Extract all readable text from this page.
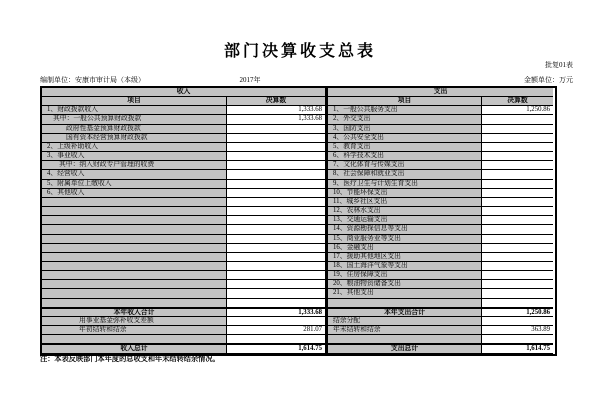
部门决算收支总表
批复01表
编制单位：安康市审计局（本级）	2017年	金额单位：万元
收入	支出
项目	决算数	项目	决算数
1、财政拨款收入	1,333.68	1、一般公共服务支出	1,250.86
其中：一般公共预算财政拨款	1,333.68	2、外交支出
政府性基金预算财政拨款	3、国防支出
国有资本经营预算财政拨款	4、公共安全支出
2、上级补助收入	5、教育支出
3、事业收入	6、科学技术支出
其中：纳入财政专户管理的收费	7、文化体育与传媒支出
4、经营收入	8、社会保障和就业支出
5、附属单位上缴收入	9、医疗卫生与计划生育支出
6、其他收入	10、节能环保支出
11、城乡社区支出
12、农林水支出
13、交通运输支出
14、资源勘探信息等支出
15、商业服务业等支出
16、金融支出
17、援助其他地区支出
18、国土海洋气象等支出
19、住房保障支出
20、粮油物资储备支出
21、其他支出
本年收入合计	1,333.68	本年支出合计	1,250.86
用事业基金弥补收支差额	结余分配
年初结转和结余	281.07	年末结转和结余	363.89
收入总计	1,614.75	支出总计	1,614.75
注：本表反映部门本年度的总收支和年末结转结余情况。
